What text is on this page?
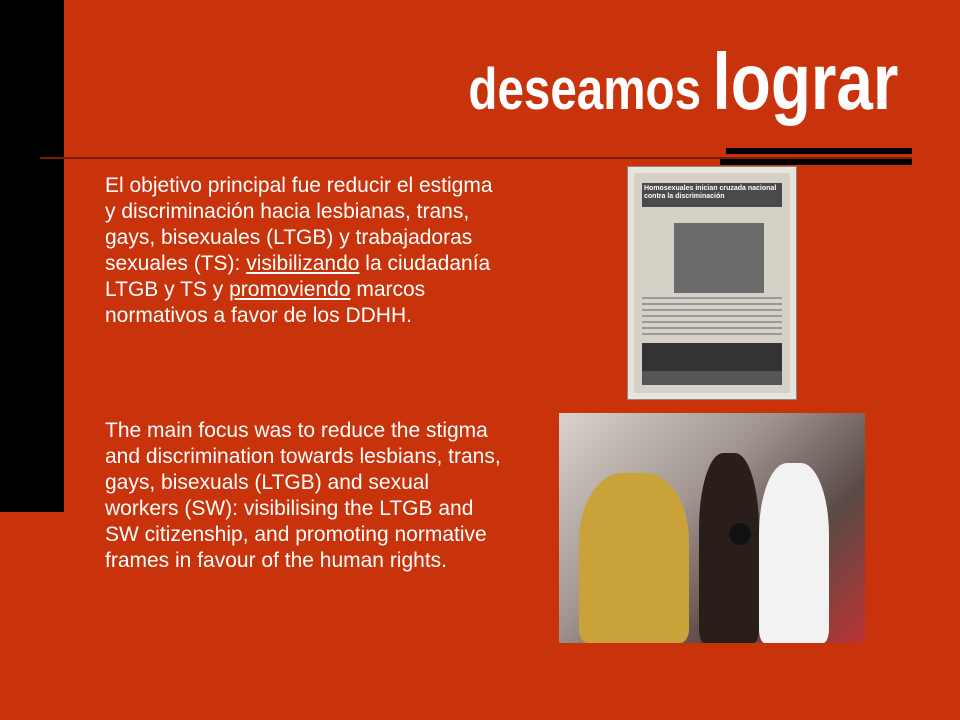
deseamos lograr
El objetivo principal fue reducir el estigma y discriminación hacia lesbianas, trans, gays, bisexuales (LTGB) y trabajadoras sexuales (TS): visibilizando la ciudadanía LTGB y TS y promoviendo marcos normativos a favor de los DDHH.
The main focus was to reduce the stigma and discrimination towards lesbians, trans, gays, bisexuals (LTGB) and sexual workers (SW): visibilising the LTGB and SW citizenship, and promoting normative frames in favour of the human rights.
Homosexuales inician cruzada nacional contra la discriminación
